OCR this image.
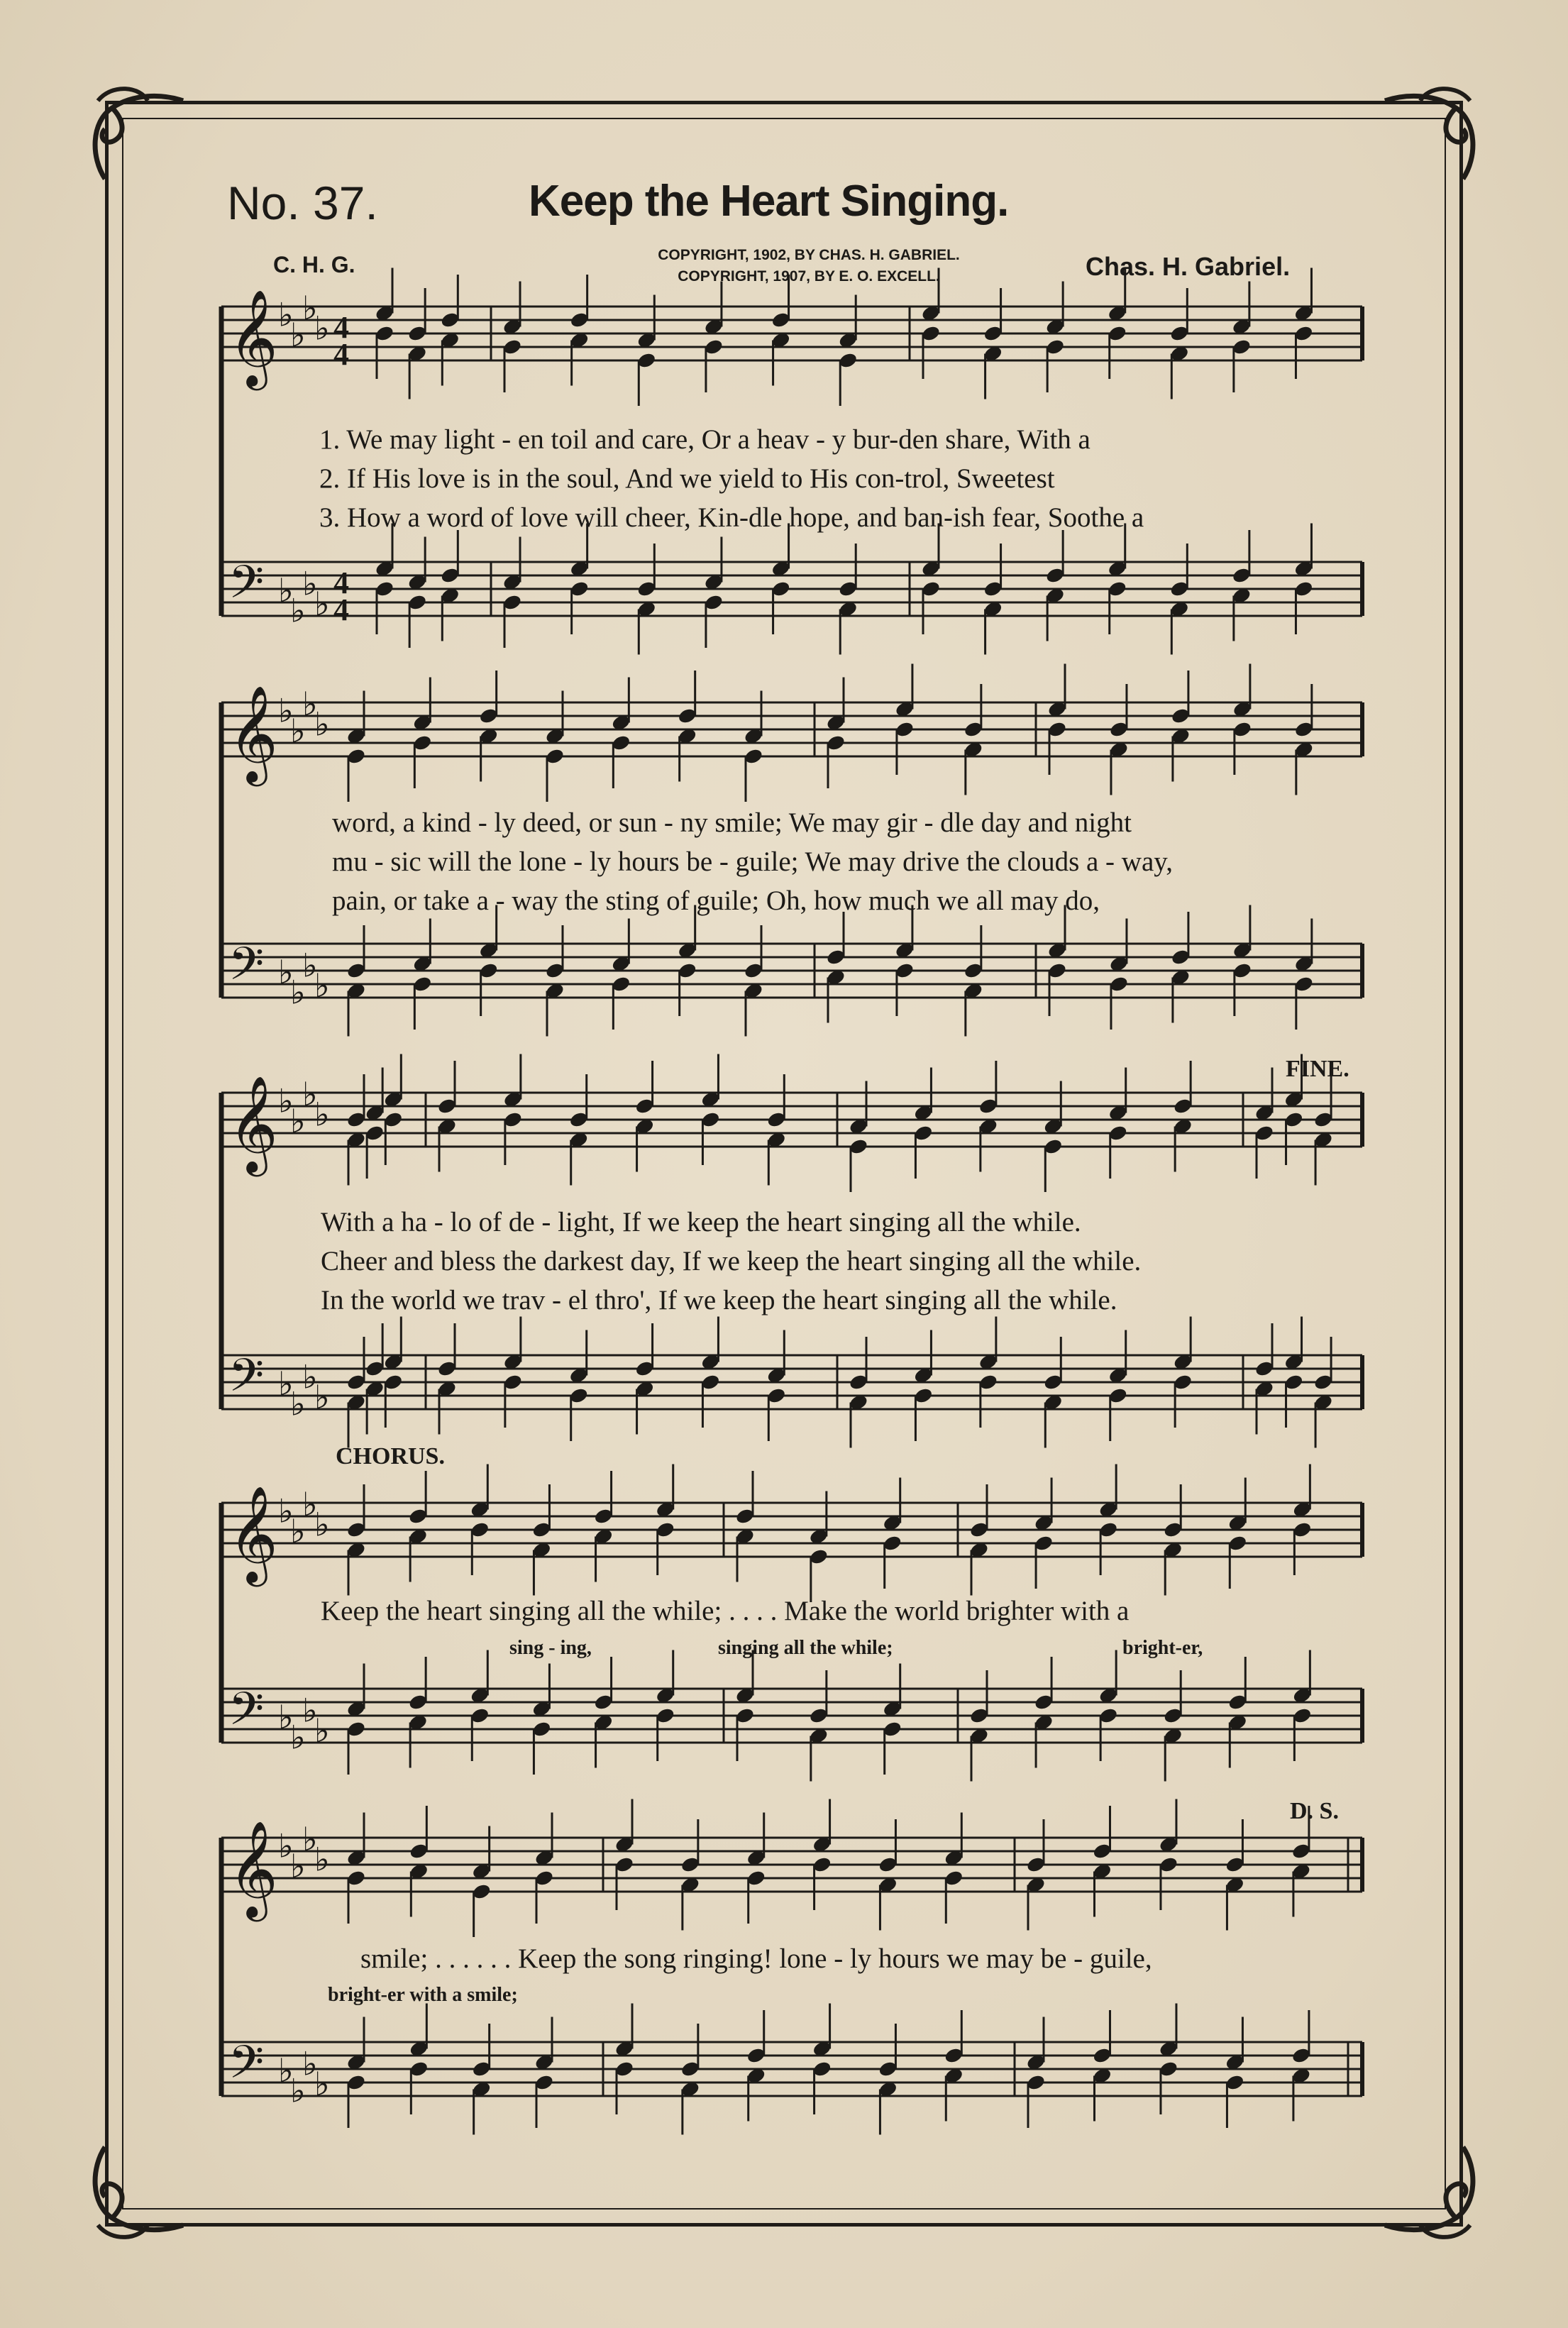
No. 37.	Keep the Heart Singing.
C. H. G.	COPYRIGHT, 1902, BY CHAS. H. GABRIEL.
COPYRIGHT, 1907, BY E. O. EXCELL.	Chas. H. Gabriel.
𝄞 ♭
♭
♭
♭ 4
4
𝄢 ♭
♭
♭
♭
4
4
𝄞 ♭
♭
♭
♭
𝄢 ♭
♭
♭
♭
𝄞 ♭
♭
♭
♭
𝄢 ♭
♭
♭
♭
𝄞 ♭
♭
♭
♭
𝄢 ♭
♭
♭
♭
𝄞 ♭
♭
♭
♭
𝄢 ♭
♭
♭
♭
1. We may light - en toil and care, Or a heav - y bur-den share, With a
2. If His love is in the soul, And we yield to His con-trol, Sweetest
3. How a word of love will cheer, Kin-dle hope, and ban-ish fear, Soothe a
word, a kind - ly deed, or sun - ny smile; We may gir - dle day and night
mu - sic will the lone - ly hours be - guile; We may drive the clouds a - way,
pain, or take a - way the sting of guile; Oh, how much we all may do,
With a ha - lo of de - light, If we keep the heart singing all the while.
Cheer and bless the darkest day, If we keep the heart singing all the while.
In the world we trav - el thro', If we keep the heart singing all the while.
FINE.
CHORUS.
Keep the heart singing all the while; . . . . Make the world brighter with a
sing - ing,	singing all the while;	bright-er,
D. S.
smile; . . . . . . Keep the song ringing! lone - ly hours we may be - guile,
bright-er with a smile;
